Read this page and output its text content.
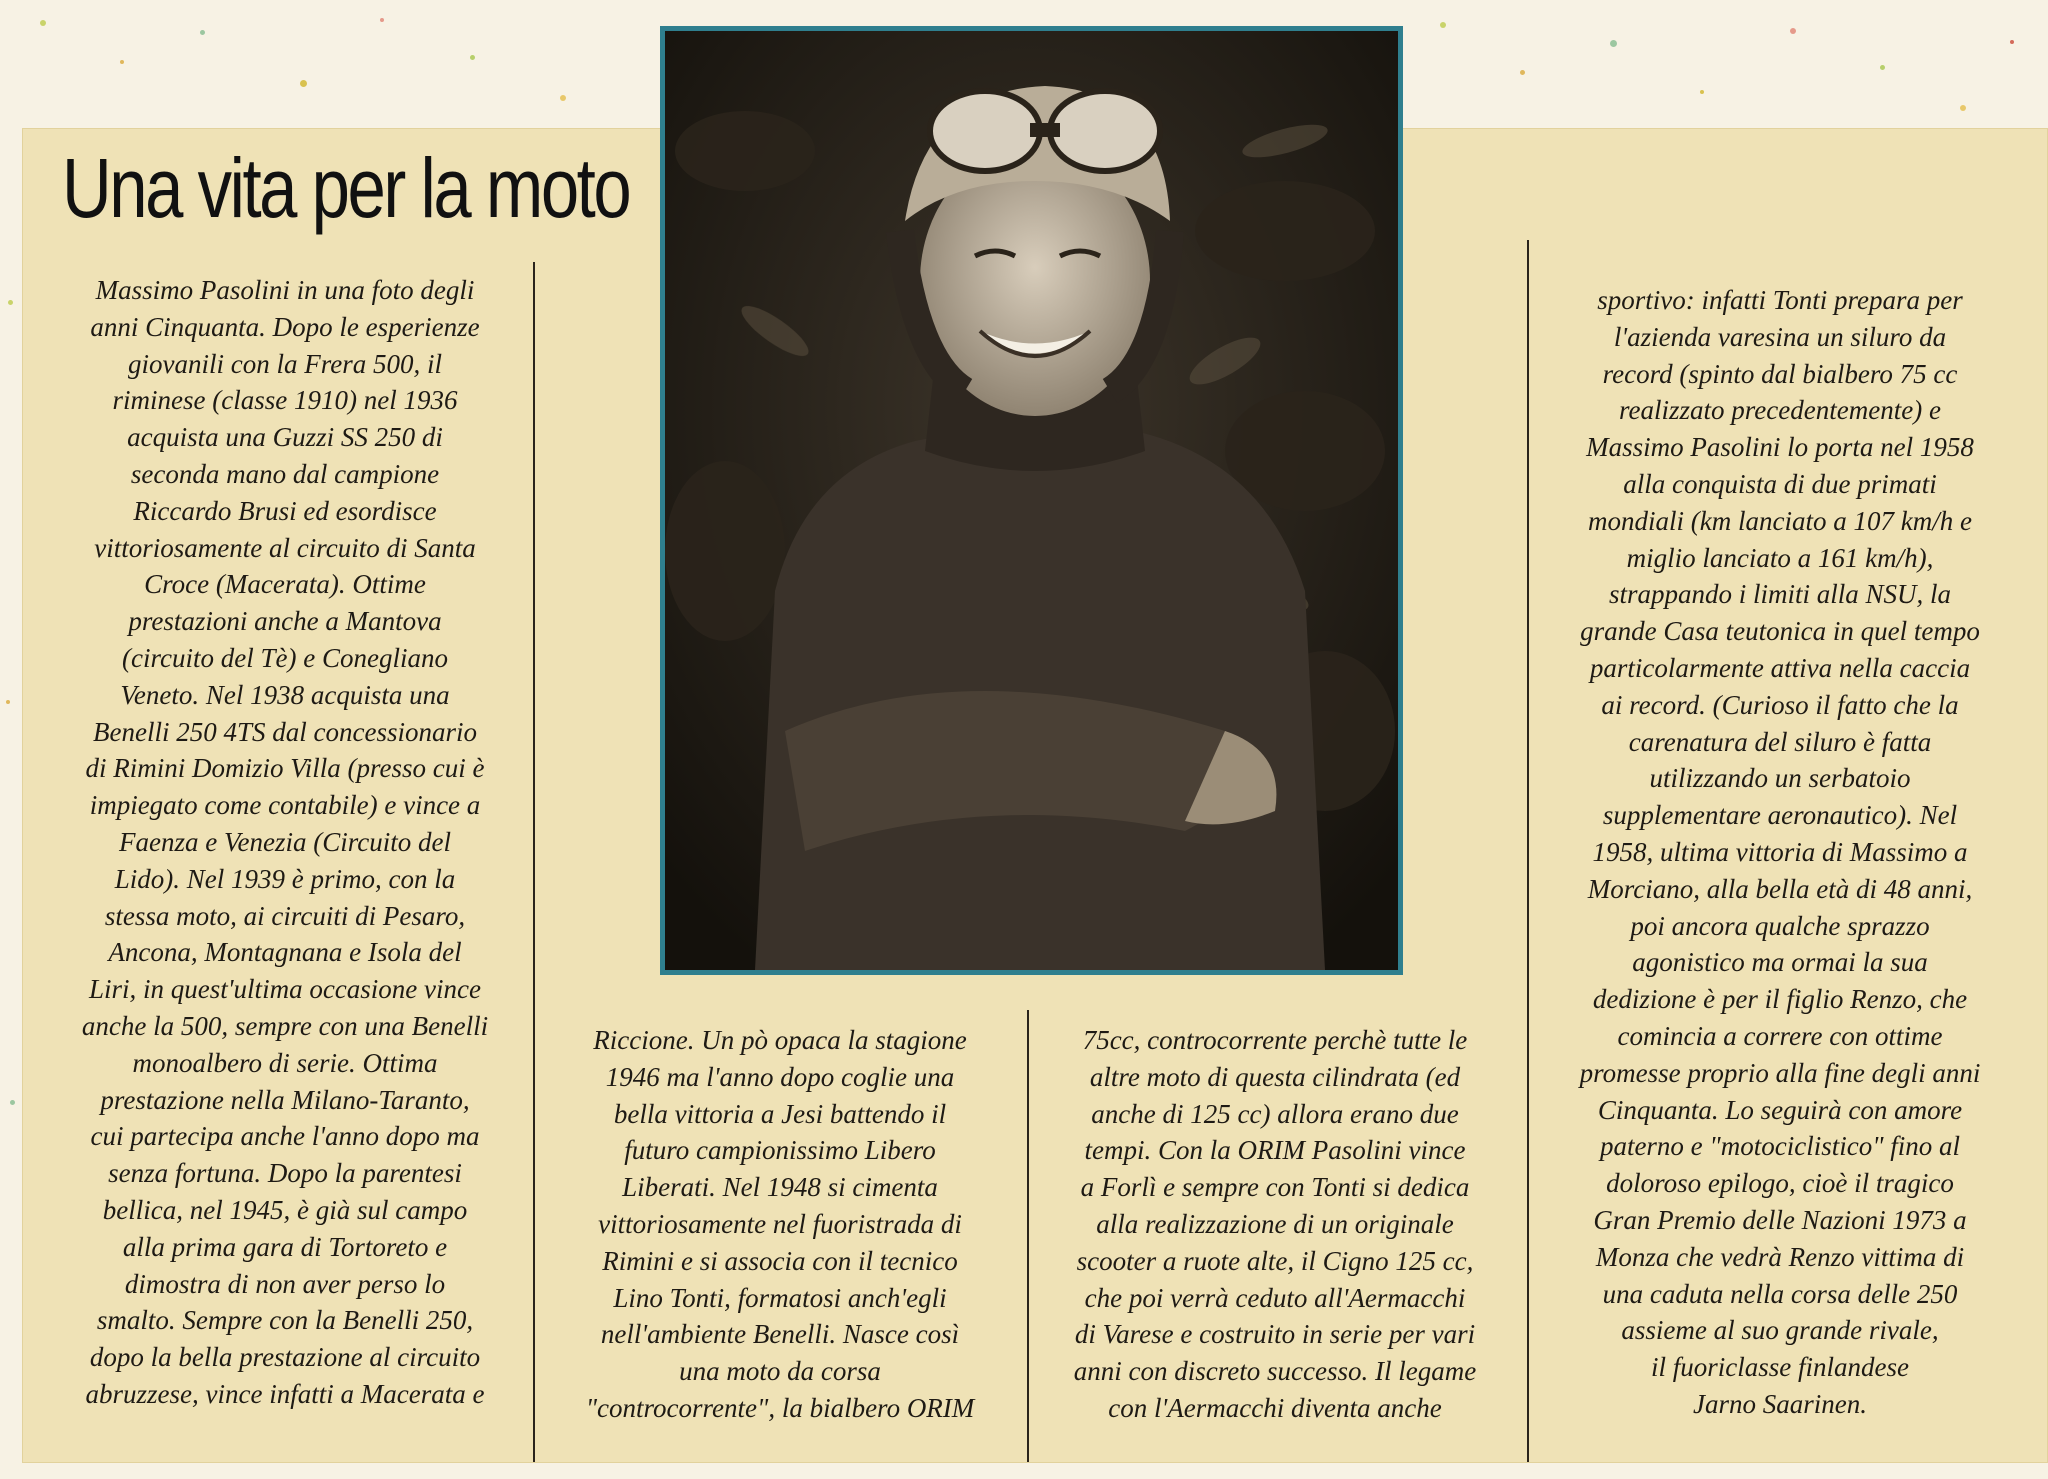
Una vita per la moto

Massimo Pasolini in una foto degli
anni Cinquanta. Dopo le esperienze
giovanili con la Frera 500, il
riminese (classe 1910) nel 1936
acquista una Guzzi SS 250 di
seconda mano dal campione
Riccardo Brusi ed esordisce
vittoriosamente al circuito di Santa
Croce (Macerata). Ottime
prestazioni anche a Mantova
(circuito del Tè) e Conegliano
Veneto. Nel 1938 acquista una
Benelli 250 4TS dal concessionario
di Rimini Domizio Villa (presso cui è
impiegato come contabile) e vince a
Faenza e Venezia (Circuito del
Lido). Nel 1939 è primo, con la
stessa moto, ai circuiti di Pesaro,
Ancona, Montagnana e Isola del
Liri, in quest'ultima occasione vince
anche la 500, sempre con una Benelli
monoalbero di serie. Ottima
prestazione nella Milano-Taranto,
cui partecipa anche l'anno dopo ma
senza fortuna. Dopo la parentesi
bellica, nel 1945, è già sul campo
alla prima gara di Tortoreto e
dimostra di non aver perso lo
smalto. Sempre con la Benelli 250,
dopo la bella prestazione al circuito
abruzzese, vince infatti a Macerata e

Riccione. Un pò opaca la stagione
1946 ma l'anno dopo coglie una
bella vittoria a Jesi battendo il
futuro campionissimo Libero
Liberati. Nel 1948 si cimenta
vittoriosamente nel fuoristrada di
Rimini e si associa con il tecnico
Lino Tonti, formatosi anch'egli
nell'ambiente Benelli. Nasce così
una moto da corsa
"controcorrente", la bialbero ORIM

75cc, controcorrente perchè tutte le
altre moto di questa cilindrata (ed
anche di 125 cc) allora erano due
tempi. Con la ORIM Pasolini vince
a Forlì e sempre con Tonti si dedica
alla realizzazione di un originale
scooter a ruote alte, il Cigno 125 cc,
che poi verrà ceduto all'Aermacchi
di Varese e costruito in serie per vari
anni con discreto successo. Il legame
con l'Aermacchi diventa anche

sportivo: infatti Tonti prepara per
l'azienda varesina un siluro da
record (spinto dal bialbero 75 cc
realizzato precedentemente) e
Massimo Pasolini lo porta nel 1958
alla conquista di due primati
mondiali (km lanciato a 107 km/h e
miglio lanciato a 161 km/h),
strappando i limiti alla NSU, la
grande Casa teutonica in quel tempo
particolarmente attiva nella caccia
ai record. (Curioso il fatto che la
carenatura del siluro è fatta
utilizzando un serbatoio
supplementare aeronautico). Nel
1958, ultima vittoria di Massimo a
Morciano, alla bella età di 48 anni,
poi ancora qualche sprazzo
agonistico ma ormai la sua
dedizione è per il figlio Renzo, che
comincia a correre con ottime
promesse proprio alla fine degli anni
Cinquanta. Lo seguirà con amore
paterno e "motociclistico" fino al
doloroso epilogo, cioè il tragico
Gran Premio delle Nazioni 1973 a
Monza che vedrà Renzo vittima di
una caduta nella corsa delle 250
assieme al suo grande rivale,
il fuoriclasse finlandese
Jarno Saarinen.
